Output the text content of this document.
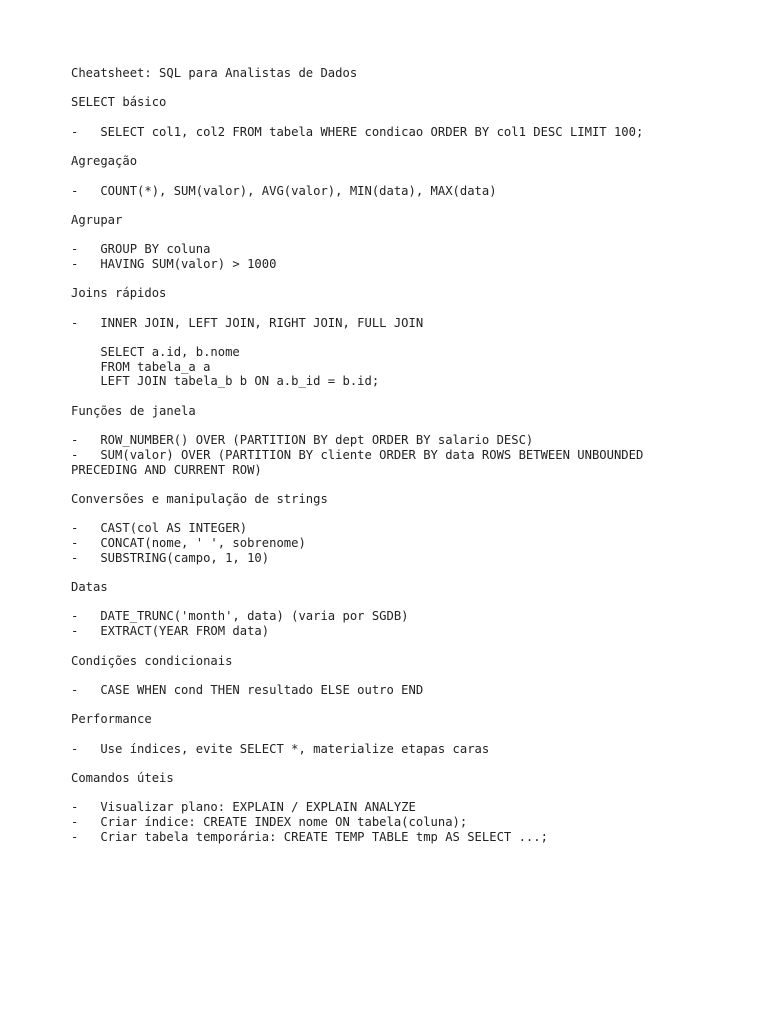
Cheatsheet: SQL para Analistas de Dados
SELECT básico
-   SELECT col1, col2 FROM tabela WHERE condicao ORDER BY col1 DESC LIMIT 100;
Agregação
-   COUNT(*), SUM(valor), AVG(valor), MIN(data), MAX(data)
Agrupar
-   GROUP BY coluna
-   HAVING SUM(valor) > 1000
Joins rápidos
-   INNER JOIN, LEFT JOIN, RIGHT JOIN, FULL JOIN
SELECT a.id, b.nome
FROM tabela_a a
LEFT JOIN tabela_b b ON a.b_id = b.id;
Funções de janela
-   ROW_NUMBER() OVER (PARTITION BY dept ORDER BY salario DESC)
-   SUM(valor) OVER (PARTITION BY cliente ORDER BY data ROWS BETWEEN UNBOUNDED
PRECEDING AND CURRENT ROW)
Conversões e manipulação de strings
-   CAST(col AS INTEGER)
-   CONCAT(nome, ' ', sobrenome)
-   SUBSTRING(campo, 1, 10)
Datas
-   DATE_TRUNC('month', data) (varia por SGDB)
-   EXTRACT(YEAR FROM data)
Condições condicionais
-   CASE WHEN cond THEN resultado ELSE outro END
Performance
-   Use índices, evite SELECT *, materialize etapas caras
Comandos úteis
-   Visualizar plano: EXPLAIN / EXPLAIN ANALYZE
-   Criar índice: CREATE INDEX nome ON tabela(coluna);
-   Criar tabela temporária: CREATE TEMP TABLE tmp AS SELECT ...;
